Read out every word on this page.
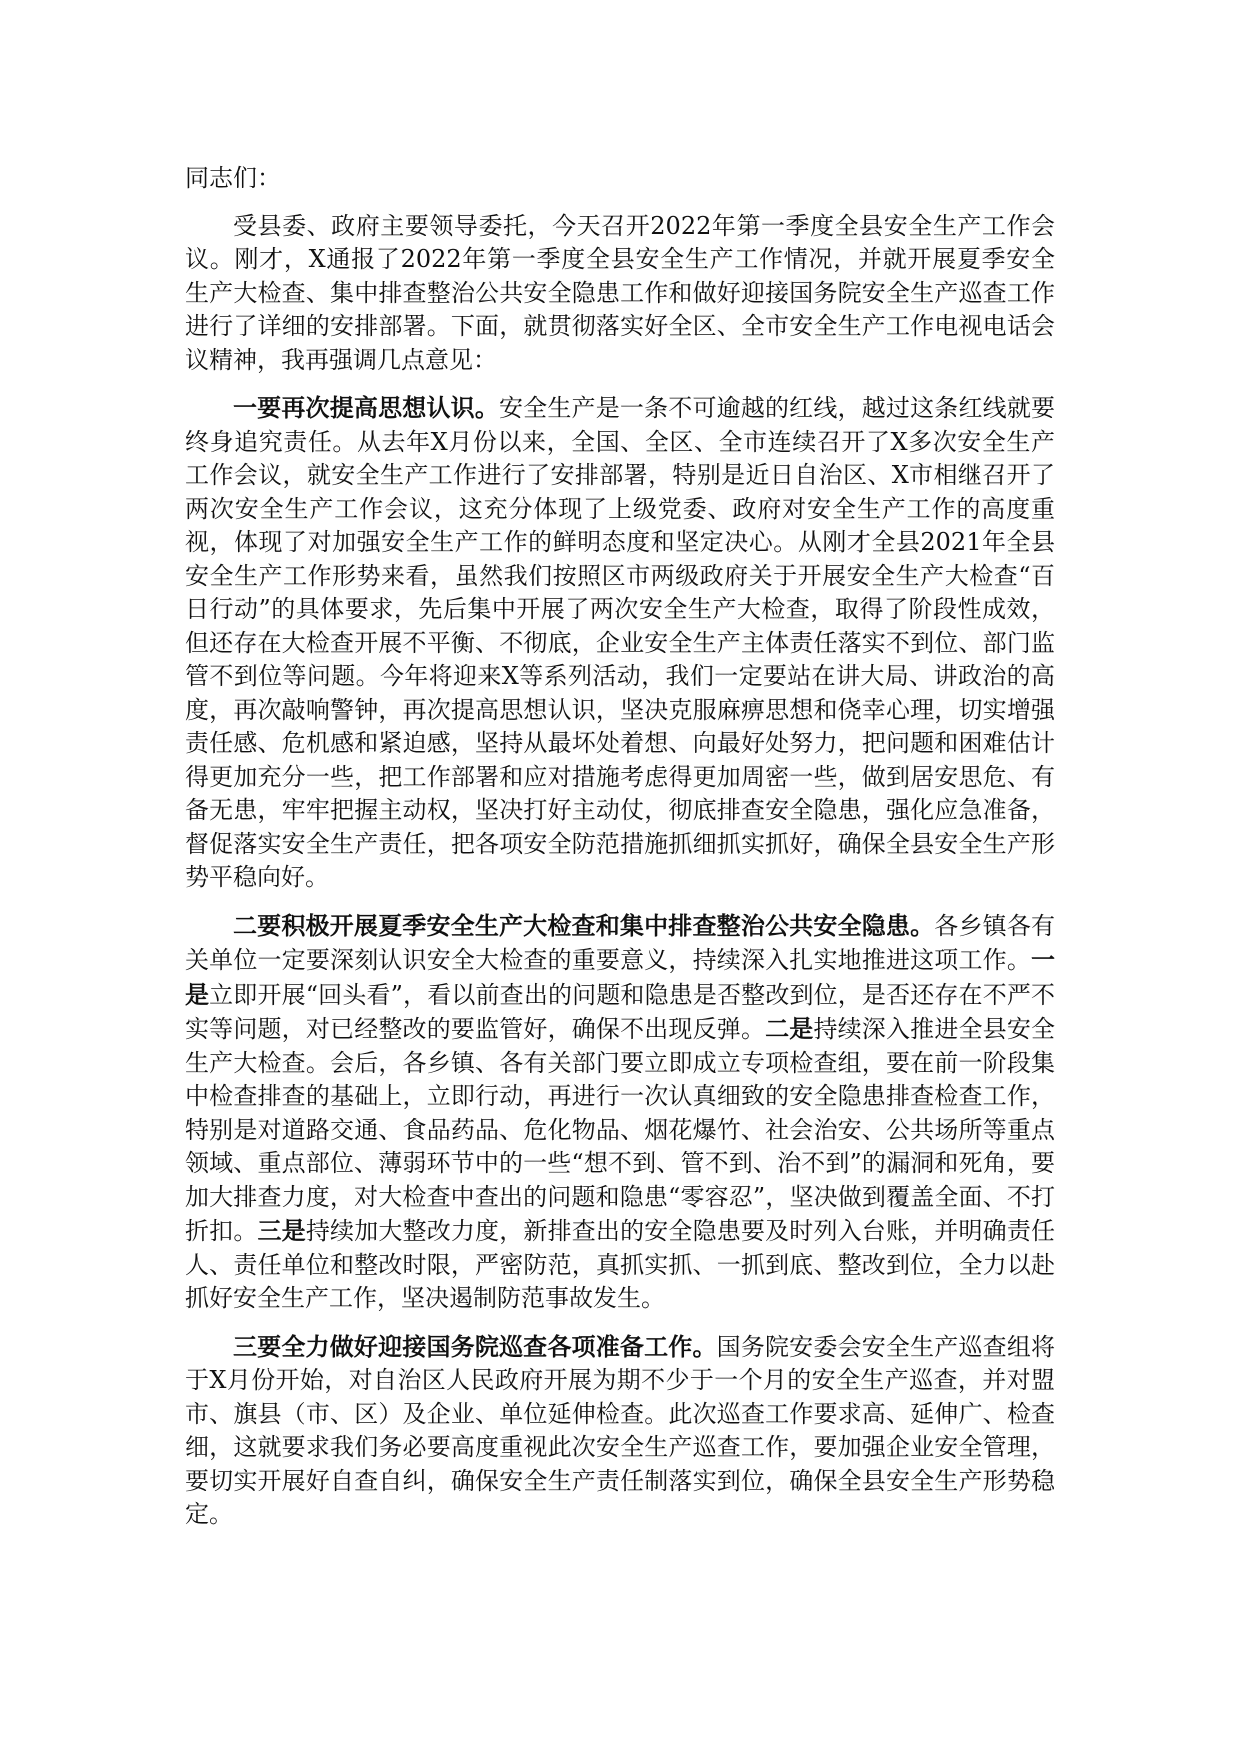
同志们：

受县委、政府主要领导委托，今天召开2022年第一季度全县安全生产工作会议。刚才，X通报了2022年第一季度全县安全生产工作情况，并就开展夏季安全生产大检查、集中排查整治公共安全隐患工作和做好迎接国务院安全生产巡查工作进行了详细的安排部署。下面，就贯彻落实好全区、全市安全生产工作电视电话会议精神，我再强调几点意见：

一要再次提高思想认识。安全生产是一条不可逾越的红线，越过这条红线就要终身追究责任。从去年X月份以来，全国、全区、全市连续召开了X多次安全生产工作会议，就安全生产工作进行了安排部署，特别是近日自治区、X市相继召开了两次安全生产工作会议，这充分体现了上级党委、政府对安全生产工作的高度重视，体现了对加强安全生产工作的鲜明态度和坚定决心。从刚才全县2021年全县安全生产工作形势来看，虽然我们按照区市两级政府关于开展安全生产大检查“百日行动”的具体要求，先后集中开展了两次安全生产大检查，取得了阶段性成效，但还存在大检查开展不平衡、不彻底，企业安全生产主体责任落实不到位、部门监管不到位等问题。今年将迎来X等系列活动，我们一定要站在讲大局、讲政治的高度，再次敲响警钟，再次提高思想认识，坚决克服麻痹思想和侥幸心理，切实增强责任感、危机感和紧迫感，坚持从最坏处着想、向最好处努力，把问题和困难估计得更加充分一些，把工作部署和应对措施考虑得更加周密一些，做到居安思危、有备无患，牢牢把握主动权，坚决打好主动仗，彻底排查安全隐患，强化应急准备，督促落实安全生产责任，把各项安全防范措施抓细抓实抓好，确保全县安全生产形势平稳向好。

二要积极开展夏季安全生产大检查和集中排查整治公共安全隐患。各乡镇各有关单位一定要深刻认识安全大检查的重要意义，持续深入扎实地推进这项工作。一是立即开展“回头看”，看以前查出的问题和隐患是否整改到位，是否还存在不严不实等问题，对已经整改的要监管好，确保不出现反弹。二是持续深入推进全县安全生产大检查。会后，各乡镇、各有关部门要立即成立专项检查组，要在前一阶段集中检查排查的基础上，立即行动，再进行一次认真细致的安全隐患排查检查工作，特别是对道路交通、食品药品、危化物品、烟花爆竹、社会治安、公共场所等重点领域、重点部位、薄弱环节中的一些“想不到、管不到、治不到”的漏洞和死角，要加大排查力度，对大检查中查出的问题和隐患“零容忍”，坚决做到覆盖全面、不打折扣。三是持续加大整改力度，新排查出的安全隐患要及时列入台账，并明确责任人、责任单位和整改时限，严密防范，真抓实抓、一抓到底、整改到位，全力以赴抓好安全生产工作，坚决遏制防范事故发生。

三要全力做好迎接国务院巡查各项准备工作。国务院安委会安全生产巡查组将于X月份开始，对自治区人民政府开展为期不少于一个月的安全生产巡查，并对盟市、旗县（市、区）及企业、单位延伸检查。此次巡查工作要求高、延伸广、检查细，这就要求我们务必要高度重视此次安全生产巡查工作，要加强企业安全管理，要切实开展好自查自纠，确保安全生产责任制落实到位，确保全县安全生产形势稳定。
